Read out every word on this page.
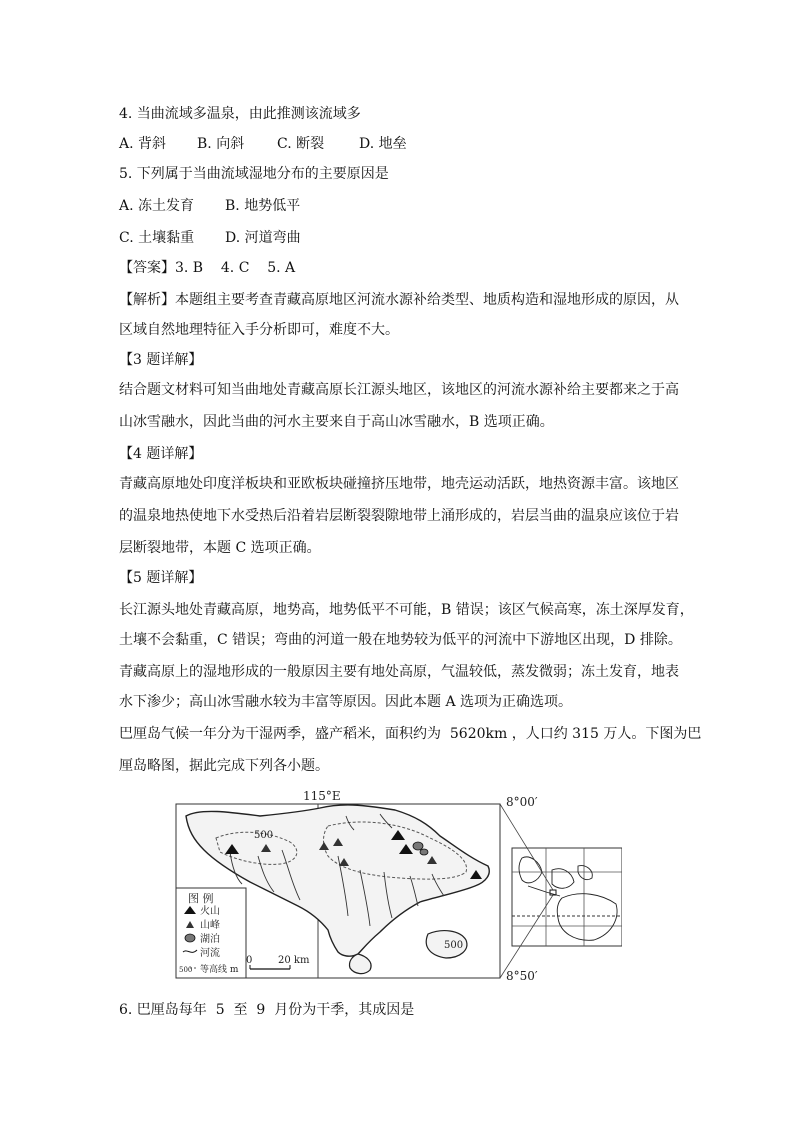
4. 当曲流域多温泉，由此推测该流域多
A. 背斜 B. 向斜 C. 断裂 D. 地垒
5. 下列属于当曲流域湿地分布的主要原因是
A. 冻土发育 B. 地势低平
C. 土壤黏重 D. 河道弯曲
【答案】3. B    4. C    5. A
【解析】本题组主要考查青藏高原地区河流水源补给类型、地质构造和湿地形成的原因，从
区域自然地理特征入手分析即可，难度不大。
【3 题详解】
结合题文材料可知当曲地处青藏高原长江源头地区，该地区的河流水源补给主要都来之于高
山冰雪融水，因此当曲的河水主要来自于高山冰雪融水，B 选项正确。
【4 题详解】
青藏高原地处印度洋板块和亚欧板块碰撞挤压地带，地壳运动活跃，地热资源丰富。该地区
的温泉地热使地下水受热后沿着岩层断裂裂隙地带上涌形成的，岩层当曲的温泉应该位于岩
层断裂地带，本题 C 选项正确。
【5 题详解】
长江源头地处青藏高原，地势高，地势低平不可能，B 错误；该区气候高寒，冻土深厚发育，
土壤不会黏重，C 错误；弯曲的河道一般在地势较为低平的河流中下游地区出现，D 排除。
青藏高原上的湿地形成的一般原因主要有地处高原，气温较低，蒸发微弱；冻土发育，地表
水下渗少；高山冰雪融水较为丰富等原因。因此本题 A 选项为正确选项。
巴厘岛气候一年分为干湿两季，盛产稻米，面积约为  5620km ，人口约 315 万人。下图为巴
厘岛略图，据此完成下列各小题。
115°E
500
500
图 例
火山
山峰
湖泊
河流
500 等高线 m
0	20 km
8°00′
8°50′
6. 巴厘岛每年  5  至  9  月份为干季，其成因是
